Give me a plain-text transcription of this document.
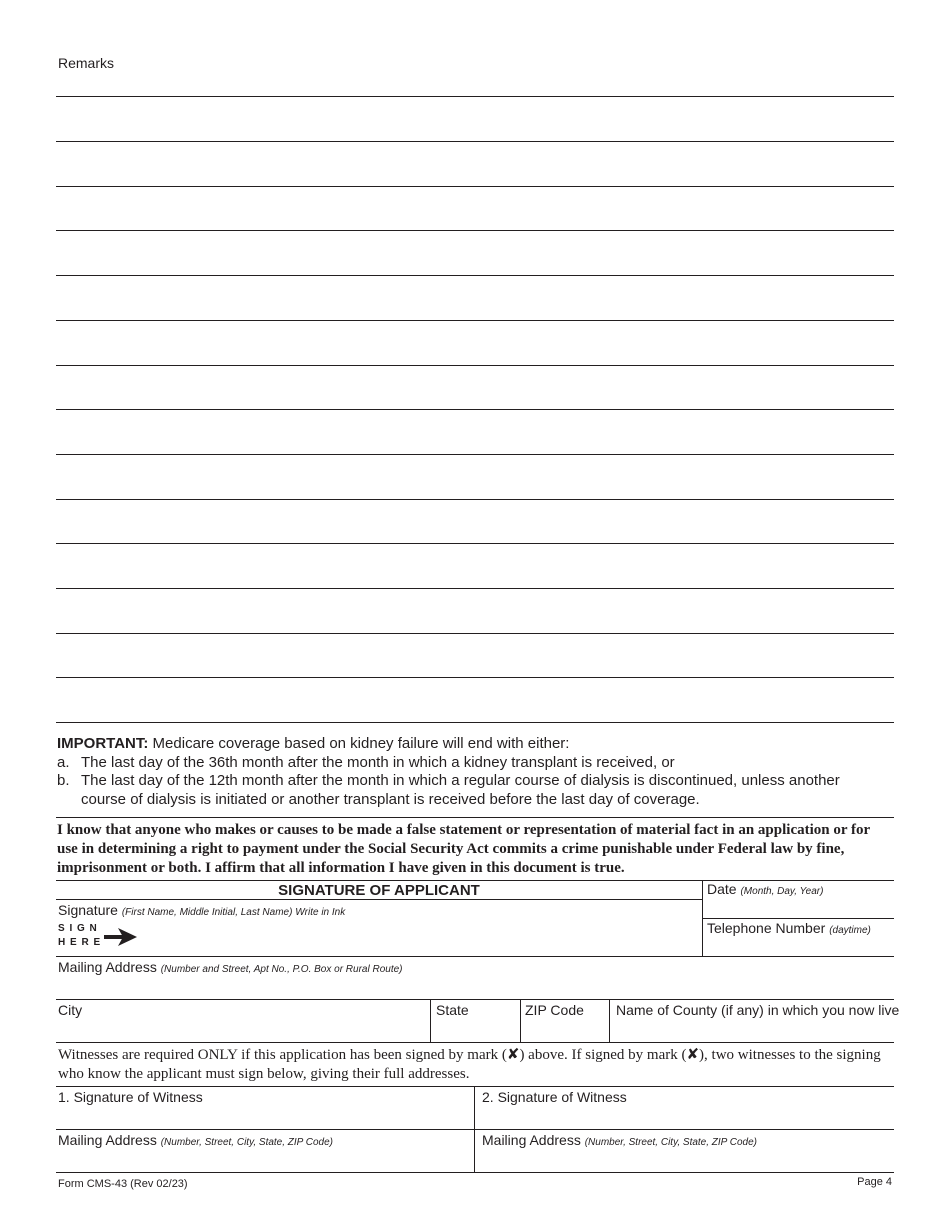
Remarks
IMPORTANT: Medicare coverage based on kidney failure will end with either:
a. The last day of the 36th month after the month in which a kidney transplant is received, or
b. The last day of the 12th month after the month in which a regular course of dialysis is discontinued, unless another course of dialysis is initiated or another transplant is received before the last day of coverage.
I know that anyone who makes or causes to be made a false statement or representation of material fact in an application or for use in determining a right to payment under the Social Security Act commits a crime punishable under Federal law by fine, imprisonment or both. I affirm that all information I have given in this document is true.
SIGNATURE OF APPLICANT
Signature (First Name, Middle Initial, Last Name) Write in Ink
S I G N
H E R E
Date (Month, Day, Year)
Telephone Number (daytime)
Mailing Address (Number and Street, Apt No., P.O. Box or Rural Route)
City	State	ZIP Code Name of County (if any) in which you now live
Witnesses are required ONLY if this application has been signed by mark (✘) above. If signed by mark (✘), two witnesses to the signing who know the applicant must sign below, giving their full addresses.
1. Signature of Witness	2. Signature of Witness
Mailing Address (Number, Street, City, State, ZIP Code)	Mailing Address (Number, Street, City, State, ZIP Code)
Form CMS-43 (Rev 02/23)	Page 4
